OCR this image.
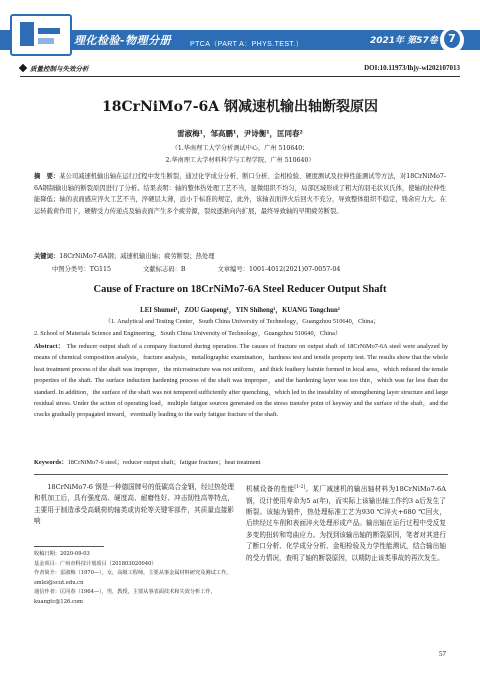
理化检验-物理分册	PTCA（PART A：PHYS.TEST.）	2021年 第57卷 7
质量控制与失效分析	DOI:10.11973/lhjy-wl202107013
18CrNiMo7-6A 钢减速机输出轴断裂原因
雷淑梅¹，邹高鹏¹，尹诗衡¹，匡同春²
（1.华南理工大学分析测试中心，广州 510640；
2.华南理工大学材料科学与工程学院，广州 510640）
摘　要：某公司减速机输出轴在运行过程中发生断裂，通过化学成分分析、断口分析、金相检验、硬度测试及拉伸性能测试等方法，对18CrNiMo7-6A钢制输出轴的断裂原因进行了分析。结果表明：轴的整体热处理工艺不当，显微组织不均匀，局部区域形成了粗大的羽毛状贝氏体，使轴的拉伸性能降低；轴的表面感应淬火工艺不当，淬硬层太薄，远小于标准的规定，此外，该轴表面淬火后回火不充分，导致整体组织不稳定，残余应力大。在运转载荷作用下，硬精受力传递点及轴表面产生多个疲劳源，裂纹逐渐向内扩展，最终导致轴的早期疲劳断裂。
关键词：18CrNiMo7-6A钢；减速机输出轴；疲劳断裂；热处理
中图分类号：TG115	文献标志码：B	文章编号：1001-4012(2021)07-0057-04
Cause of Fracture on 18CrNiMo7-6A Steel Reducer Output Shaft
LEI Shumei¹，ZOU Gaopeng¹，YIN Shiheng¹，KUANG Tongchun²
（1. Analytical and Testing Center，South China University of Technology，Guangzhou 510640，China；
2. School of Materials Science and Engineering，South China University of Technology，Guangzhou 510640，China）
Abstract： The reducer output shaft of a company fractured during operation. The causes of fracture on output shaft of 18CrNiMo7-6A steel were analyzed by means of chemical composition analysis，fracture analysis，metallographic examination，hardness test and tensile property test. The results show that the whole heat treatment process of the shaft was improper，the microstructure was not uniform，and thick feathery bainite formed in local area，which reduced the tensile properties of the shaft. The surface induction hardening process of the shaft was improper，and the hardening layer was too thin，which was far less than the standard. In addition，the surface of the shaft was not tempered sufficiently after quenching，which led to the instability of strengthening layer structure and large residual stress. Under the action of operating load，multiple fatigue sources generated on the stress transfer point of keyway and the surface of the shaft，and the cracks gradually propagated inward，eventually leading to the early fatigue fracture of the shaft.
Keywords：18CrNiMo7-6 steel；reducer output shaft；fatigue fracture；heat treatment
18CrNiMo7-6 钢是一种德国牌号的低碳高合金钢，经过热处理和机加工后，具有强度高、硬度高、耐磨性好、冲击韧性高等特点，主要用于制造承受高载荷的轴类或齿轮等关键零部件，其质量直接影响
机械设备的性能[1-2]。某厂减速机的输出轴材料为18CrNiMo7-6A钢，设计使用寿命为5 a(年)，而实际上该输出轴工作约3 a后发生了断裂。该轴为锻件，热处理标准工艺为930 ℃淬火+680 ℃回火，后续经过车削和表面淬火处理形成产品。输出轴在运行过程中受反复多变的扭转和弯曲应力。为找到该输出轴的断裂原因，笔者对其进行了断口分析、化学成分分析、金相检验及力学性能测试，结合输出轴的受力情况，查明了轴的断裂原因，以期防止该类事故的再次发生。
收稿日期：2020-09-03
基金项目：广州市科技计划项目（201803020040）
作者简介：雷淑梅（1970—），女，高级工程师，主要从事金属材料研究及测试工作，smlei@scut.edu.cn
通信作者：匡同春（1964—），男，教授，主要从事表面技术和失效分析工作，kuangtc@126.com
57
